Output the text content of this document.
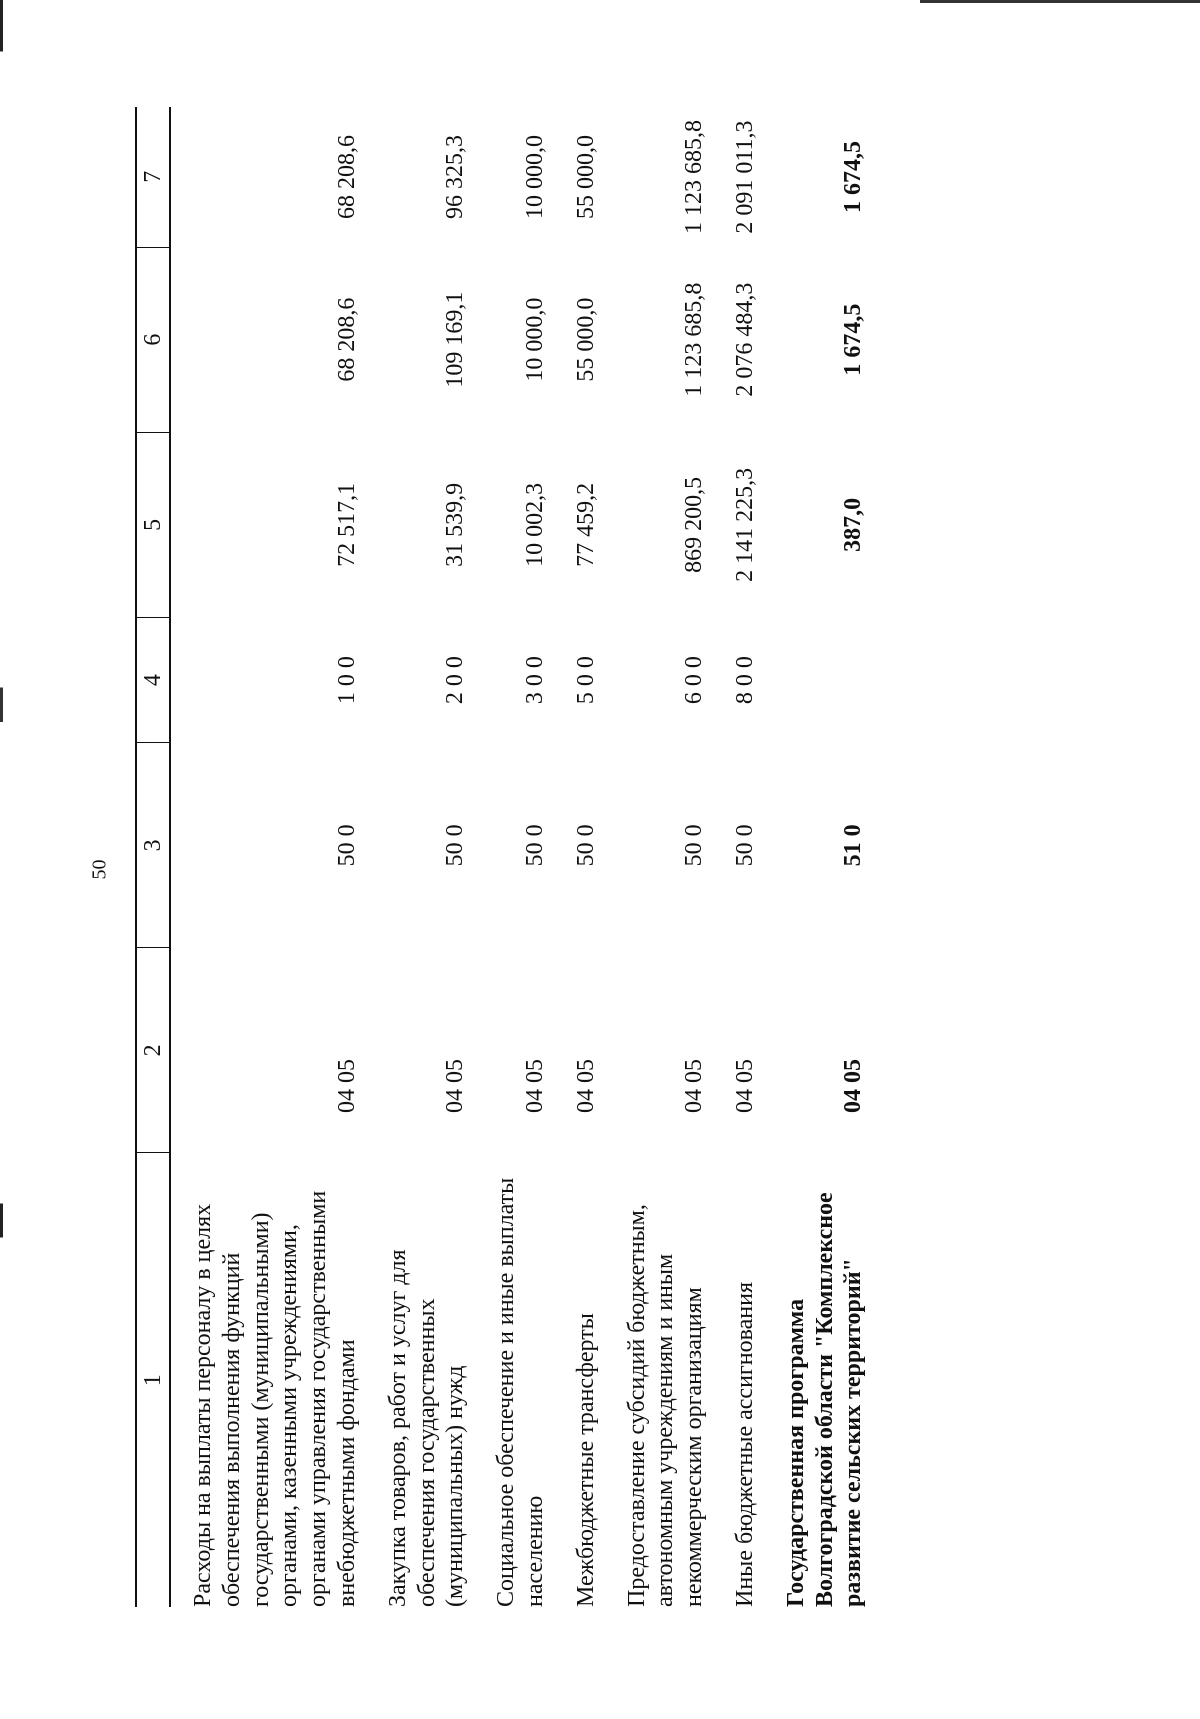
50
1	2	3	4	5	6	7
Расходы на выплаты персоналу в целях обеспечения выполнения функций государственными (муниципальными) органами, казенными учреждениями, органами управления государственными внебюджетными фондами	04 05	50 0	1 0 0	72 517,1	68 208,6	68 208,6
Закупка товаров, работ и услуг для обеспечения государственных (муниципальных) нужд	04 05	50 0	2 0 0	31 539,9	109 169,1	96 325,3
Социальное обеспечение и иные выплаты населению	04 05	50 0	3 0 0	10 002,3	10 000,0	10 000,0
Межбюджетные трансферты	04 05	50 0	5 0 0	77 459,2	55 000,0	55 000,0
Предоставление субсидий бюджетным, автономным учреждениям и иным некоммерческим организациям	04 05	50 0	6 0 0	869 200,5	1 123 685,8	1 123 685,8
Иные бюджетные ассигнования	04 05	50 0	8 0 0	2 141 225,3	2 076 484,3	2 091 011,3
Государственная программа Волгоградской области "Комплексное развитие сельских территорий"	04 05	51 0		387,0	1 674,5	1 674,5
